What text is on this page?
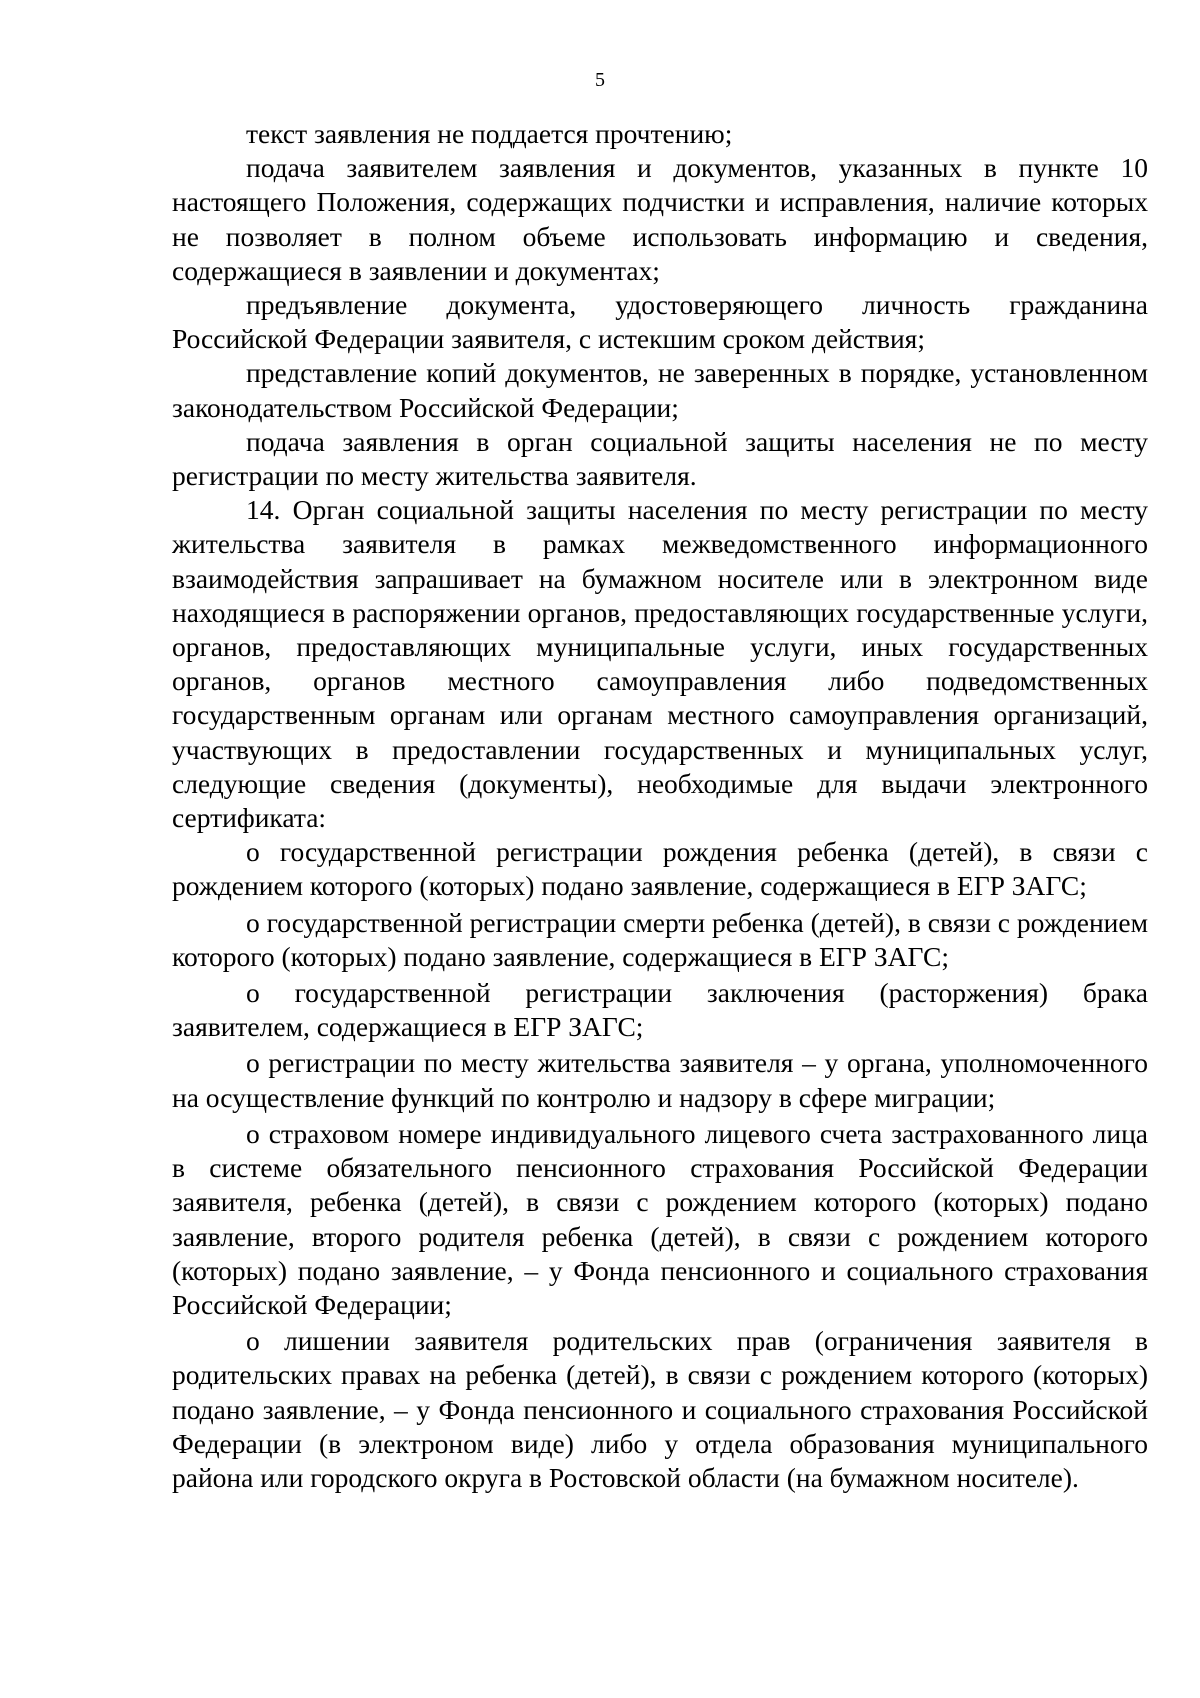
5

текст заявления не поддается прочтению;

подача заявителем заявления и документов, указанных в пункте 10 настоящего Положения, содержащих подчистки и исправления, наличие которых не позволяет в полном объеме использовать информацию и сведения, содержащиеся в заявлении и документах;

предъявление документа, удостоверяющего личность гражданина Российской Федерации заявителя, с истекшим сроком действия;

представление копий документов, не заверенных в порядке, установленном законодательством Российской Федерации;

подача заявления в орган социальной защиты населения не по месту регистрации по месту жительства заявителя.

14. Орган социальной защиты населения по месту регистрации по месту жительства заявителя в рамках межведомственного информационного взаимодействия запрашивает на бумажном носителе или в электронном виде находящиеся в распоряжении органов, предоставляющих государственные услуги, органов, предоставляющих муниципальные услуги, иных государственных органов, органов местного самоуправления либо подведомственных государственным органам или органам местного самоуправления организаций, участвующих в предоставлении государственных и муниципальных услуг, следующие сведения (документы), необходимые для выдачи электронного сертификата:

о государственной регистрации рождения ребенка (детей), в связи с рождением которого (которых) подано заявление, содержащиеся в ЕГР ЗАГС;

о государственной регистрации смерти ребенка (детей), в связи с рождением которого (которых) подано заявление, содержащиеся в ЕГР ЗАГС;

о государственной регистрации заключения (расторжения) брака заявителем, содержащиеся в ЕГР ЗАГС;

о регистрации по месту жительства заявителя – у органа, уполномоченного на осуществление функций по контролю и надзору в сфере миграции;

о страховом номере индивидуального лицевого счета застрахованного лица в системе обязательного пенсионного страхования Российской Федерации заявителя, ребенка (детей), в связи с рождением которого (которых) подано заявление, второго родителя ребенка (детей), в связи с рождением которого (которых) подано заявление, – у Фонда пенсионного и социального страхования Российской Федерации;

о лишении заявителя родительских прав (ограничения заявителя в родительских правах на ребенка (детей), в связи с рождением которого (которых) подано заявление, – у Фонда пенсионного и социального страхования Российской Федерации (в электроном виде) либо у отдела образования муниципального района или городского округа в Ростовской области (на бумажном носителе).
